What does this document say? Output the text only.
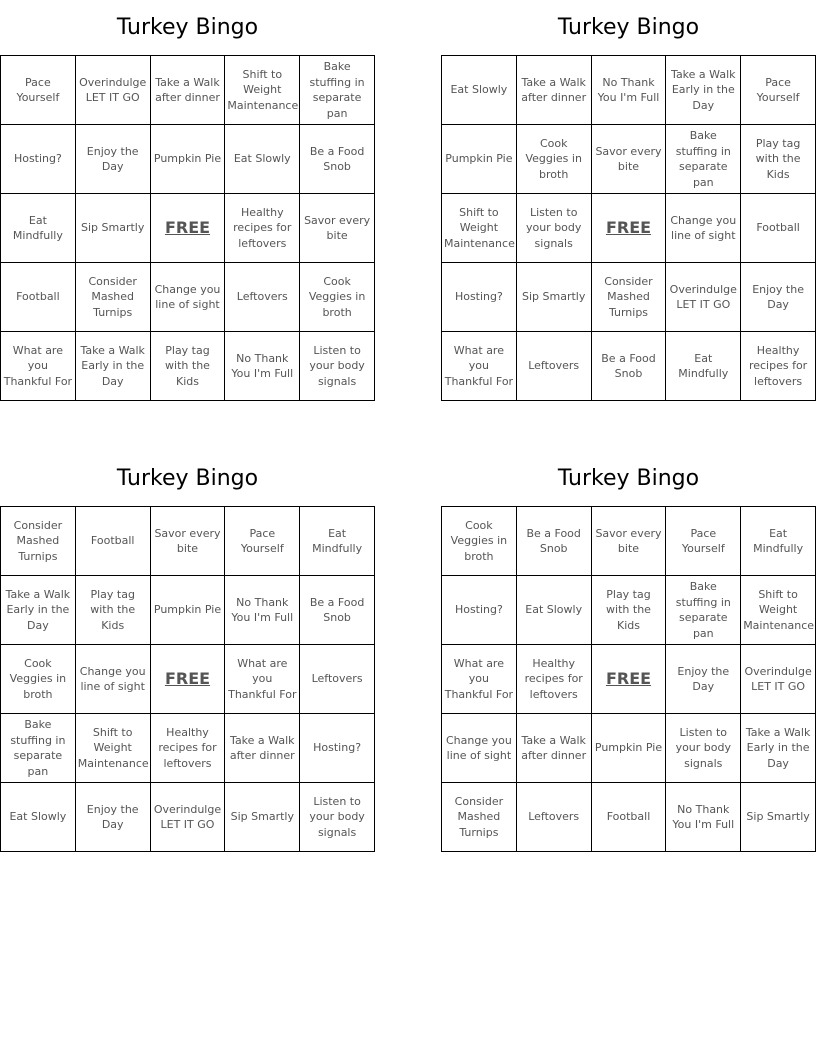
Turkey Bingo
Pace Yourself	Overindulge LET IT GO	Take a Walk after dinner	Shift to Weight Maintenance	Bake stuffing in separate pan
Hosting?	Enjoy the Day	Pumpkin Pie	Eat Slowly	Be a Food Snob
Eat Mindfully	Sip Smartly	FREE	Healthy recipes for leftovers	Savor every bite
Football	Consider Mashed Turnips	Change you line of sight	Leftovers	Cook Veggies in broth
What are you Thankful For	Take a Walk Early in the Day	Play tag with the Kids	No Thank You I'm Full	Listen to your body signals
Turkey Bingo
Eat Slowly	Take a Walk after dinner	No Thank You I'm Full	Take a Walk Early in the Day	Pace Yourself
Pumpkin Pie	Cook Veggies in broth	Savor every bite	Bake stuffing in separate pan	Play tag with the Kids
Shift to Weight Maintenance	Listen to your body signals	FREE	Change you line of sight	Football
Hosting?	Sip Smartly	Consider Mashed Turnips	Overindulge LET IT GO	Enjoy the Day
What are you Thankful For	Leftovers	Be a Food Snob	Eat Mindfully	Healthy recipes for leftovers
Turkey Bingo
Consider Mashed Turnips	Football	Savor every bite	Pace Yourself	Eat Mindfully
Take a Walk Early in the Day	Play tag with the Kids	Pumpkin Pie	No Thank You I'm Full	Be a Food Snob
Cook Veggies in broth	Change you line of sight	FREE	What are you Thankful For	Leftovers
Bake stuffing in separate pan	Shift to Weight Maintenance	Healthy recipes for leftovers	Take a Walk after dinner	Hosting?
Eat Slowly	Enjoy the Day	Overindulge LET IT GO	Sip Smartly	Listen to your body signals
Turkey Bingo
Cook Veggies in broth	Be a Food Snob	Savor every bite	Pace Yourself	Eat Mindfully
Hosting?	Eat Slowly	Play tag with the Kids	Bake stuffing in separate pan	Shift to Weight Maintenance
What are you Thankful For	Healthy recipes for leftovers	FREE	Enjoy the Day	Overindulge LET IT GO
Change you line of sight	Take a Walk after dinner	Pumpkin Pie	Listen to your body signals	Take a Walk Early in the Day
Consider Mashed Turnips	Leftovers	Football	No Thank You I'm Full	Sip Smartly
